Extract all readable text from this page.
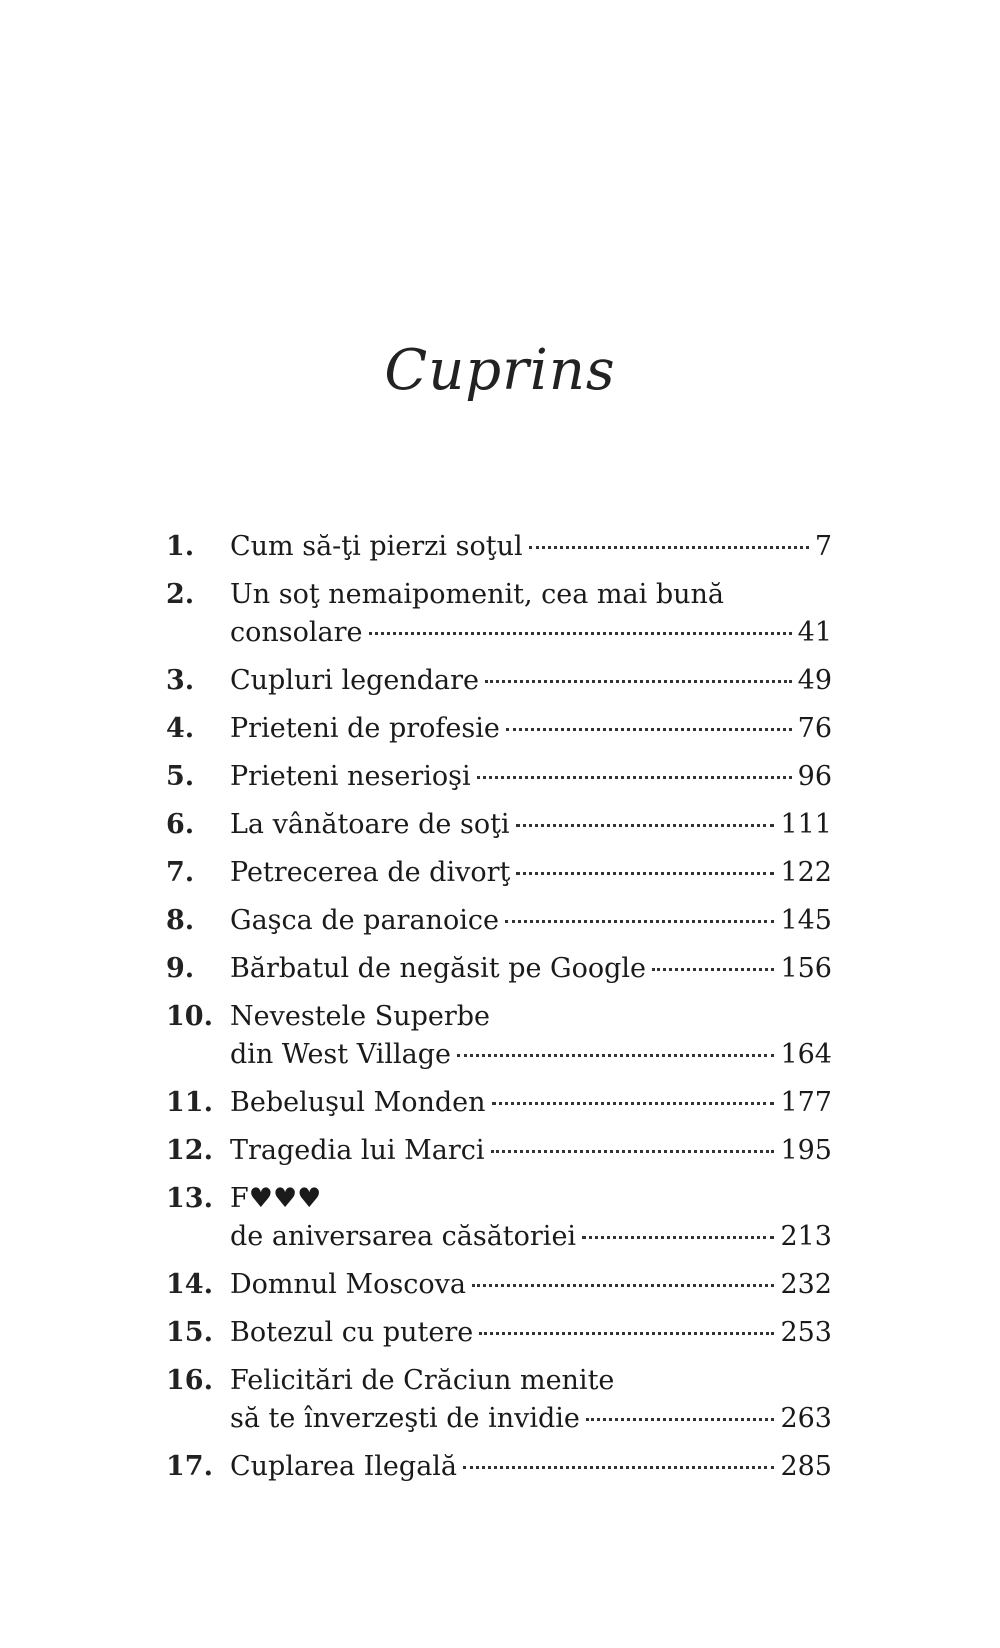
Cuprins
1.	Cum să-ţi pierzi soţul	7
2.	Un soţ nemaipomenit, cea mai bună
consolare	41
3.	Cupluri legendare	49
4.	Prieteni de profesie	76
5.	Prieteni neserioşi	96
6.	La vânătoare de soţi	111
7.	Petrecerea de divorţ	122
8.	Gaşca de paranoice	145
9.	Bărbatul de negăsit pe Google	156
10. Nevestele Superbe
din West Village	164
11. Bebeluşul Monden	177
12. Tragedia lui Marci	195
13. F♥♥♥
de aniversarea căsătoriei	213
14. Domnul Moscova	232
15. Botezul cu putere	253
16. Felicitări de Crăciun menite
să te înverzeşti de invidie	263
17. Cuplarea Ilegală	285
